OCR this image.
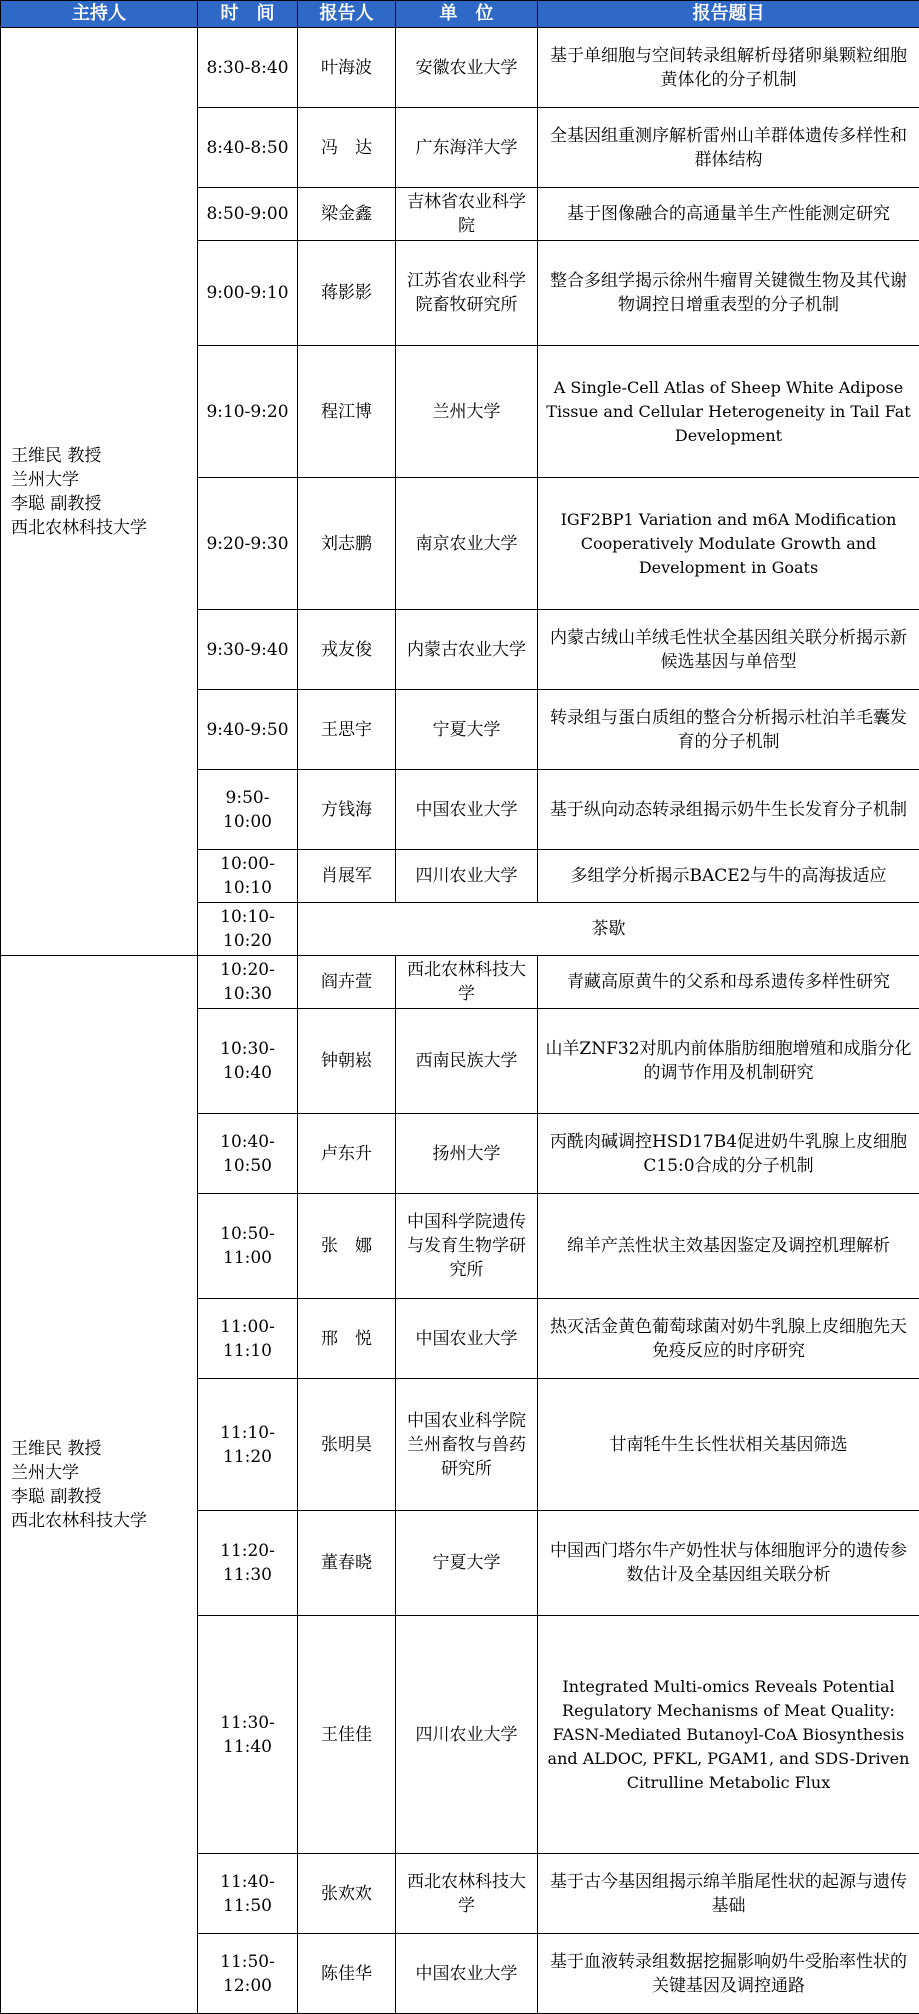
主持人	时　间	报告人	单　位	报告题目

王维民 教授
兰州大学
李聪 副教授
西北农林科技大学	8:30-8:40	叶海波	安徽农业大学	基于单细胞与空间转录组解析母猪卵巢颗粒细胞黄体化的分子机制
	8:40-8:50	冯　达	广东海洋大学	全基因组重测序解析雷州山羊群体遗传多样性和群体结构
	8:50-9:00	梁金鑫	吉林省农业科学院	基于图像融合的高通量羊生产性能测定研究
	9:00-9:10	蒋影影	江苏省农业科学院畜牧研究所	整合多组学揭示徐州牛瘤胃关键微生物及其代谢物调控日增重表型的分子机制
	9:10-9:20	程江博	兰州大学	A Single-Cell Atlas of Sheep White Adipose Tissue and Cellular Heterogeneity in Tail Fat Development
	9:20-9:30	刘志鹏	南京农业大学	IGF2BP1 Variation and m6A Modification Cooperatively Modulate Growth and Development in Goats
	9:30-9:40	戎友俊	内蒙古农业大学	内蒙古绒山羊绒毛性状全基因组关联分析揭示新候选基因与单倍型
	9:40-9:50	王思宇	宁夏大学	转录组与蛋白质组的整合分析揭示杜泊羊毛囊发育的分子机制
	9:50-10:00	方钱海	中国农业大学	基于纵向动态转录组揭示奶牛生长发育分子机制
	10:00-10:10	肖展军	四川农业大学	多组学分析揭示BACE2与牛的高海拔适应
	10:10-10:20	茶歇		

王维民 教授
兰州大学
李聪 副教授
西北农林科技大学	10:20-10:30	阎卉萱	西北农林科技大学	青藏高原黄牛的父系和母系遗传多样性研究
	10:30-10:40	钟朝崧	西南民族大学	山羊ZNF32对肌内前体脂肪细胞增殖和成脂分化的调节作用及机制研究
	10:40-10:50	卢东升	扬州大学	丙酰肉碱调控HSD17B4促进奶牛乳腺上皮细胞C15:0合成的分子机制
	10:50-11:00	张　娜	中国科学院遗传与发育生物学研究所	绵羊产羔性状主效基因鉴定及调控机理解析
	11:00-11:10	邢　悦	中国农业大学	热灭活金黄色葡萄球菌对奶牛乳腺上皮细胞先天免疫反应的时序研究
	11:10-11:20	张明昊	中国农业科学院兰州畜牧与兽药研究所	甘南牦牛生长性状相关基因筛选
	11:20-11:30	董春晓	宁夏大学	中国西门塔尔牛产奶性状与体细胞评分的遗传参数估计及全基因组关联分析
	11:30-11:40	王佳佳	四川农业大学	Integrated Multi-omics Reveals Potential Regulatory Mechanisms of Meat Quality: FASN-Mediated Butanoyl-CoA Biosynthesis and ALDOC, PFKL, PGAM1, and SDS-Driven Citrulline Metabolic Flux
	11:40-11:50	张欢欢	西北农林科技大学	基于古今基因组揭示绵羊脂尾性状的起源与遗传基础
	11:50-12:00	陈佳华	中国农业大学	基于血液转录组数据挖掘影响奶牛受胎率性状的关键基因及调控通路
